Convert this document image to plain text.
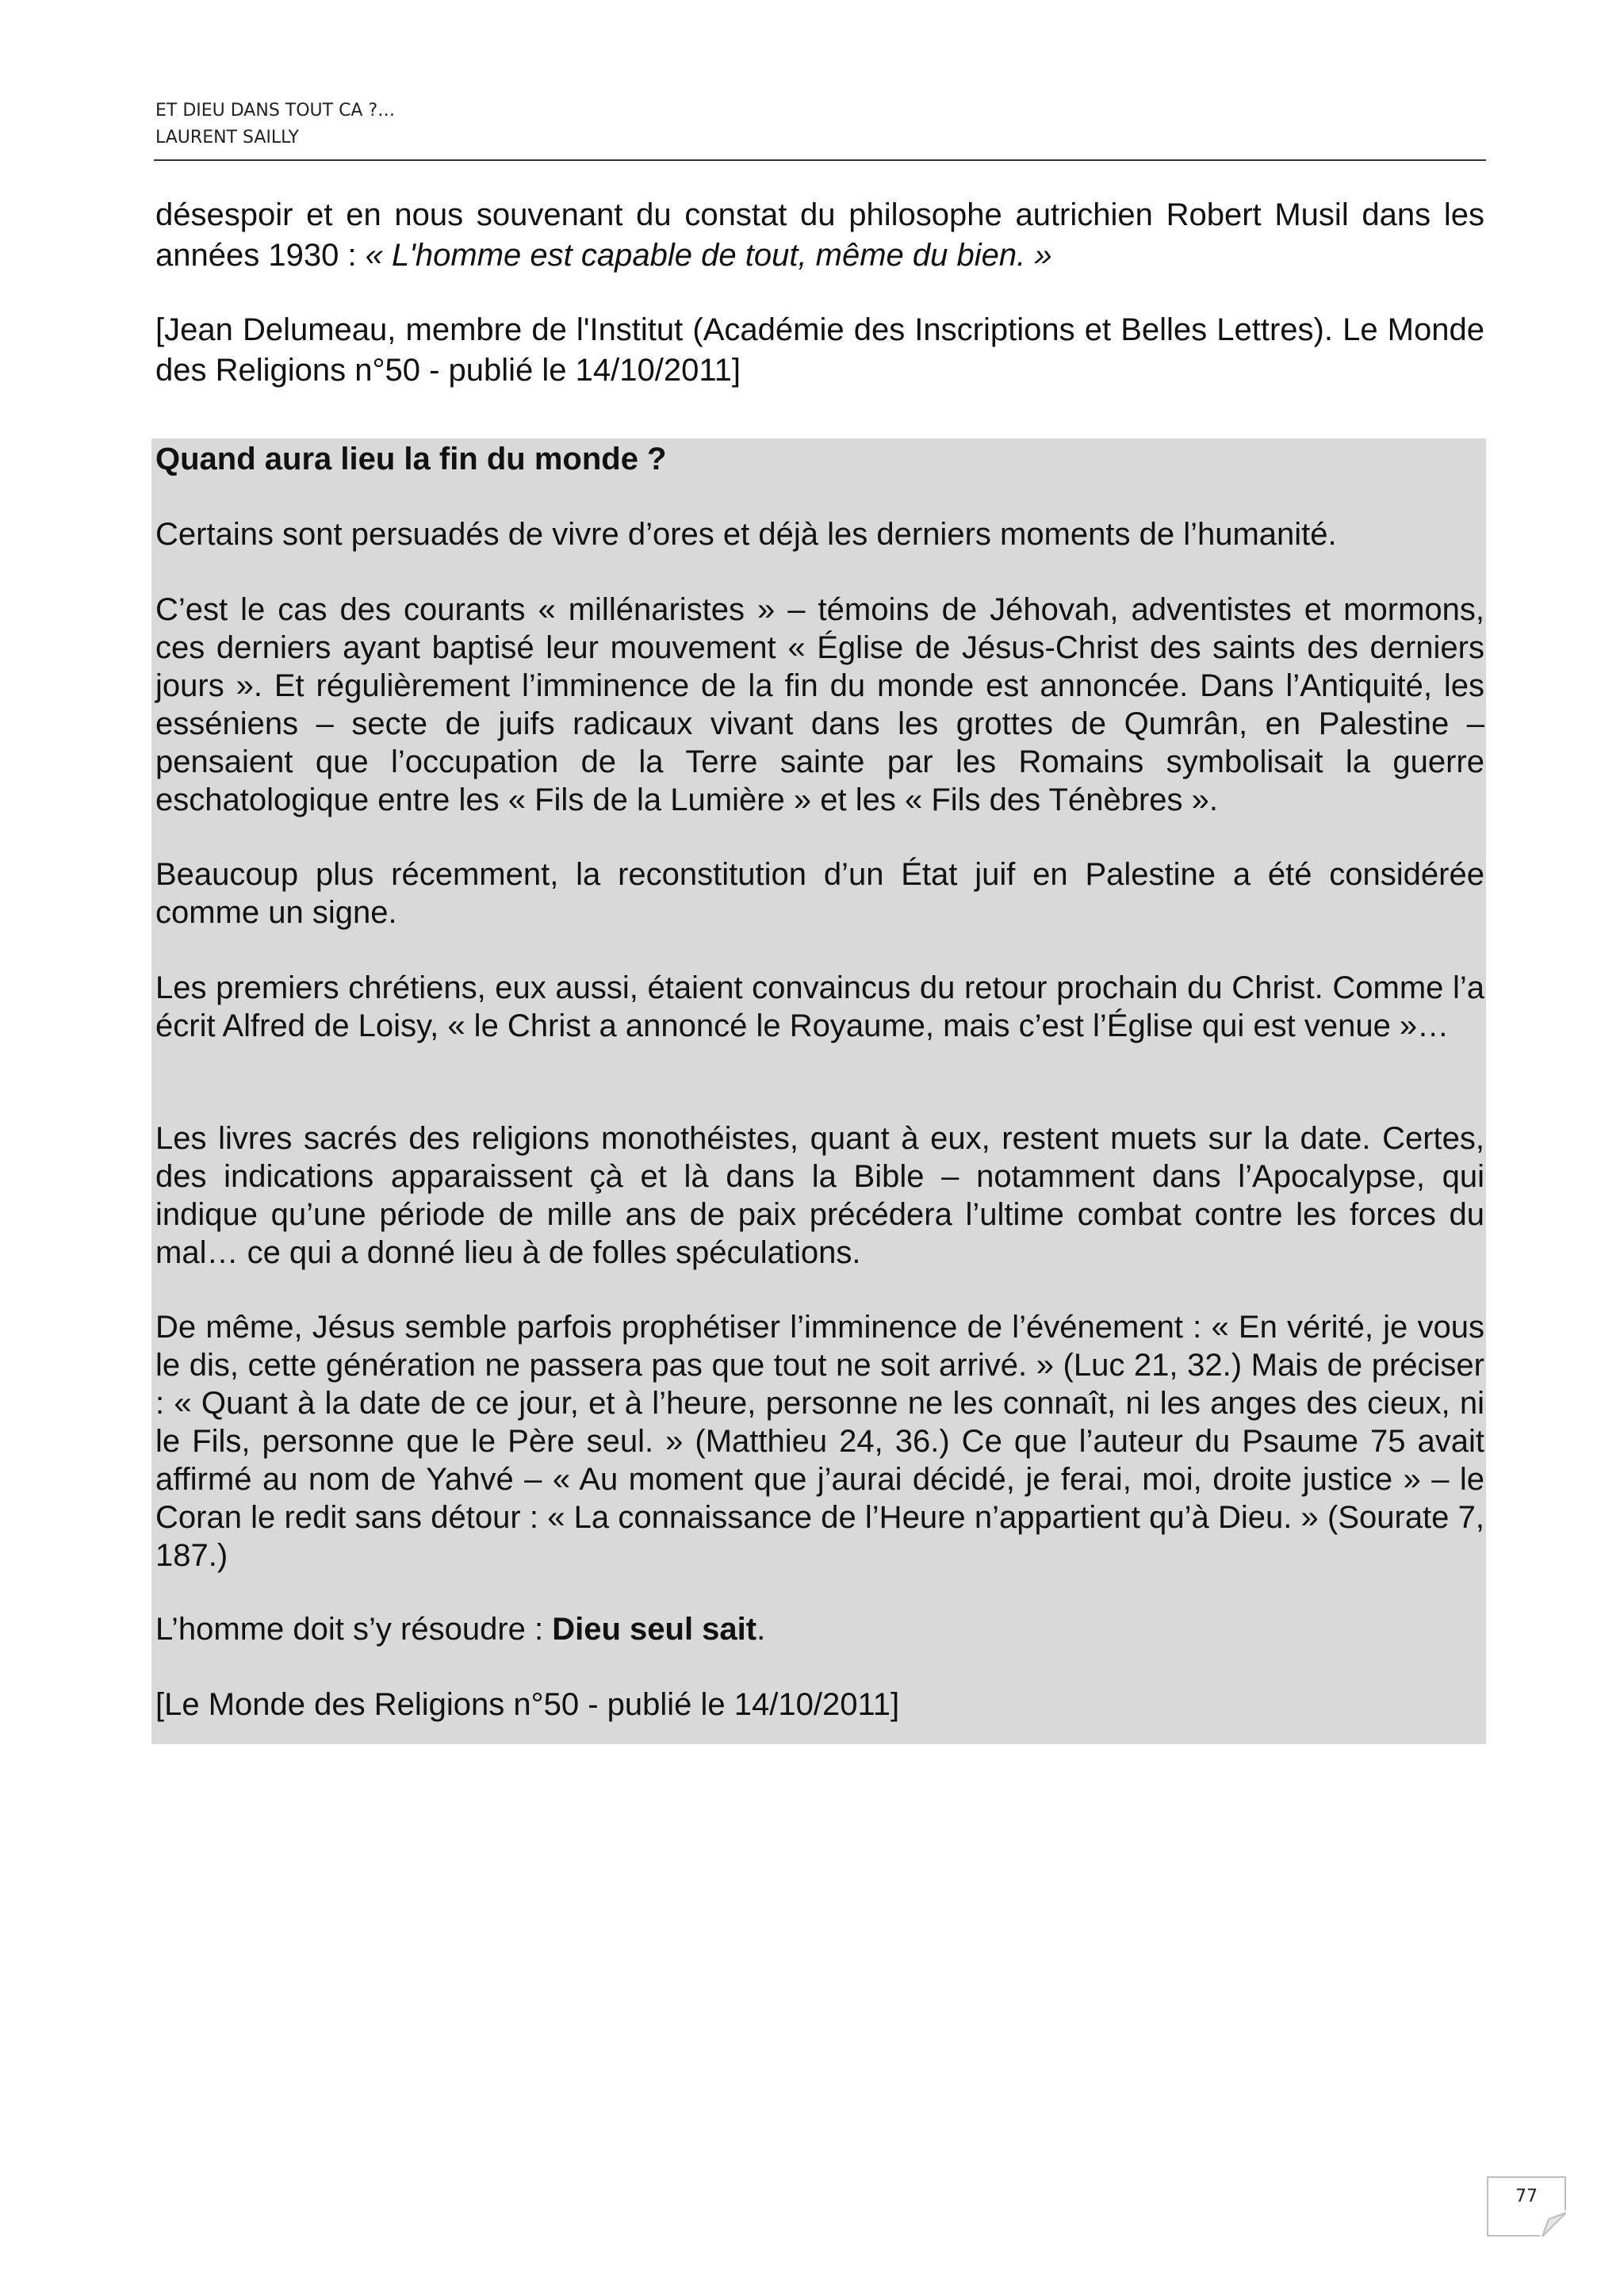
ET DIEU DANS TOUT CA ?…
LAURENT SAILLY

désespoir et en nous souvenant du constat du philosophe autrichien Robert Musil dans les années 1930 : « L'homme est capable de tout, même du bien. »

[Jean Delumeau, membre de l'Institut (Académie des Inscriptions et Belles Lettres). Le Monde des Religions n°50 - publié le 14/10/2011]

Quand aura lieu la fin du monde ?

Certains sont persuadés de vivre d’ores et déjà les derniers moments de l’humanité.

C’est le cas des courants « millénaristes » – témoins de Jéhovah, adventistes et mormons, ces derniers ayant baptisé leur mouvement « Église de Jésus-Christ des saints des derniers jours ». Et régulièrement l’imminence de la fin du monde est annoncée. Dans l’Antiquité, les esséniens – secte de juifs radicaux vivant dans les grottes de Qumrân, en Palestine – pensaient que l’occupation de la Terre sainte par les Romains symbolisait la guerre eschatologique entre les « Fils de la Lumière » et les « Fils des Ténèbres ».

Beaucoup plus récemment, la reconstitution d’un État juif en Palestine a été considérée comme un signe.

Les premiers chrétiens, eux aussi, étaient convaincus du retour prochain du Christ. Comme l’a écrit Alfred de Loisy, « le Christ a annoncé le Royaume, mais c’est l’Église qui est venue »…

Les livres sacrés des religions monothéistes, quant à eux, restent muets sur la date. Certes, des indications apparaissent çà et là dans la Bible – notamment dans l’Apocalypse, qui indique qu’une période de mille ans de paix précédera l’ultime combat contre les forces du mal… ce qui a donné lieu à de folles spéculations.

De même, Jésus semble parfois prophétiser l’imminence de l’événement : « En vérité, je vous le dis, cette génération ne passera pas que tout ne soit arrivé. » (Luc 21, 32.) Mais de préciser : « Quant à la date de ce jour, et à l’heure, personne ne les connaît, ni les anges des cieux, ni le Fils, personne que le Père seul. » (Matthieu 24, 36.) Ce que l’auteur du Psaume 75 avait affirmé au nom de Yahvé – « Au moment que j’aurai décidé, je ferai, moi, droite justice » – le Coran le redit sans détour : « La connaissance de l’Heure n’appartient qu’à Dieu. » (Sourate 7, 187.)

L’homme doit s’y résoudre : Dieu seul sait.

[Le Monde des Religions n°50 - publié le 14/10/2011]

77
